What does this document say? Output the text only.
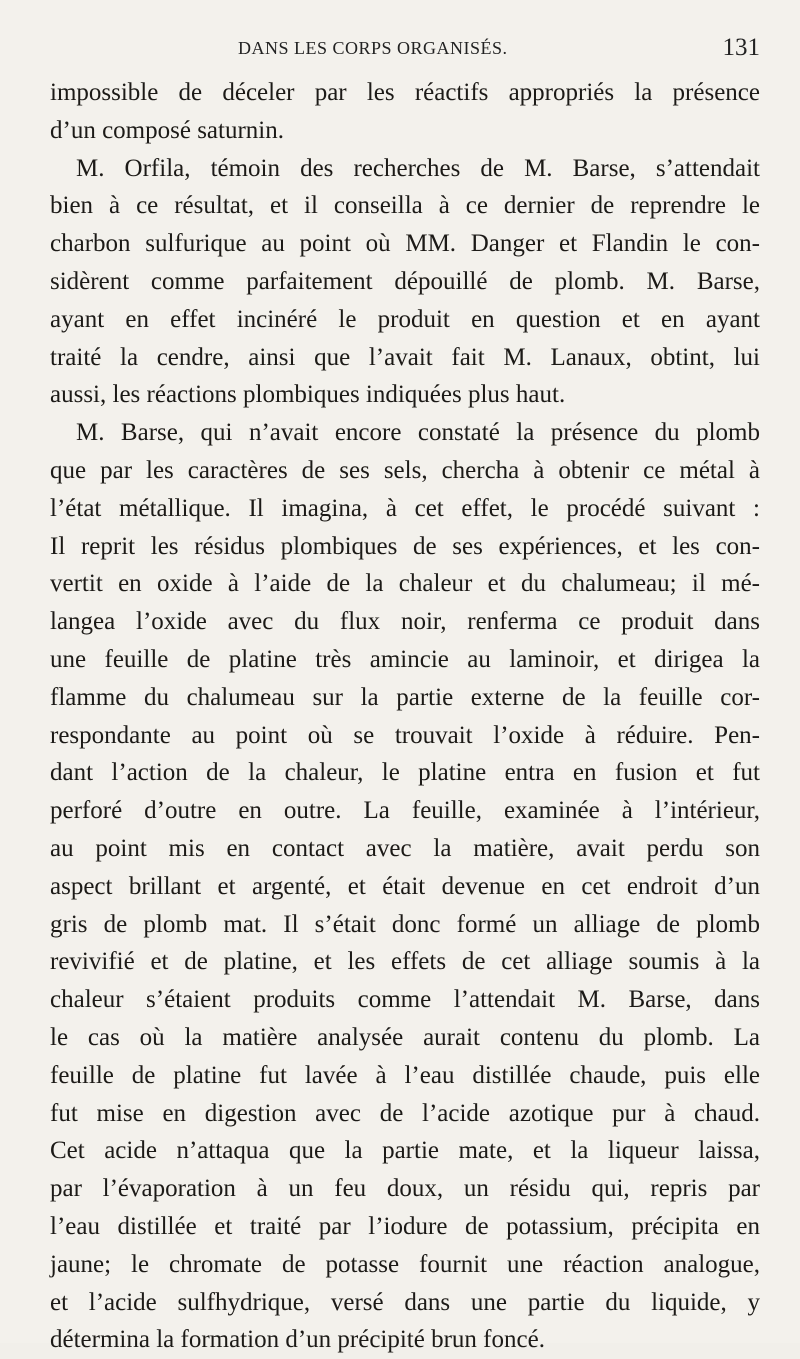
DANS LES CORPS ORGANISÉS.	131
impossible de déceler par les réactifs appropriés la présence
d’un composé saturnin.
M. Orfila, témoin des recherches de M. Barse, s’attendait
bien à ce résultat, et il conseilla à ce dernier de reprendre le
charbon sulfurique au point où MM. Danger et Flandin le con-
sidèrent comme parfaitement dépouillé de plomb. M. Barse,
ayant en effet incinéré le produit en question et en ayant
traité la cendre, ainsi que l’avait fait M. Lanaux, obtint, lui
aussi, les réactions plombiques indiquées plus haut.
M. Barse, qui n’avait encore constaté la présence du plomb
que par les caractères de ses sels, chercha à obtenir ce métal à
l’état métallique. Il imagina, à cet effet, le procédé suivant :
Il reprit les résidus plombiques de ses expériences, et les con-
vertit en oxide à l’aide de la chaleur et du chalumeau; il mé-
langea l’oxide avec du flux noir, renferma ce produit dans
une feuille de platine très amincie au laminoir, et dirigea la
flamme du chalumeau sur la partie externe de la feuille cor-
respondante au point où se trouvait l’oxide à réduire. Pen-
dant l’action de la chaleur, le platine entra en fusion et fut
perforé d’outre en outre. La feuille, examinée à l’intérieur,
au point mis en contact avec la matière, avait perdu son
aspect brillant et argenté, et était devenue en cet endroit d’un
gris de plomb mat. Il s’était donc formé un alliage de plomb
revivifié et de platine, et les effets de cet alliage soumis à la
chaleur s’étaient produits comme l’attendait M. Barse, dans
le cas où la matière analysée aurait contenu du plomb. La
feuille de platine fut lavée à l’eau distillée chaude, puis elle
fut mise en digestion avec de l’acide azotique pur à chaud.
Cet acide n’attaqua que la partie mate, et la liqueur laissa,
par l’évaporation à un feu doux, un résidu qui, repris par
l’eau distillée et traité par l’iodure de potassium, précipita en
jaune; le chromate de potasse fournit une réaction analogue,
et l’acide sulfhydrique, versé dans une partie du liquide, y
détermina la formation d’un précipité brun foncé.
